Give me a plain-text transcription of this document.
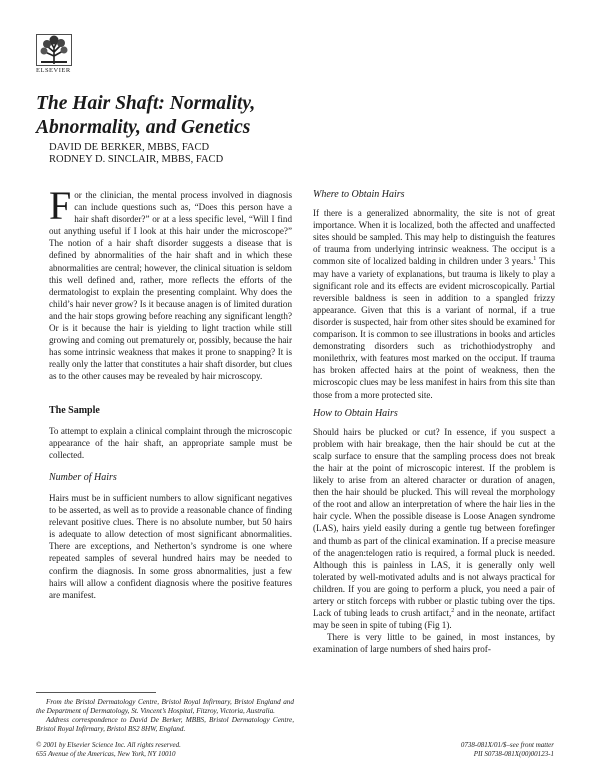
ELSEVIER
The Hair Shaft: Normality, Abnormality, and Genetics
DAVID DE BERKER, MBBS, FACD
RODNEY D. SINCLAIR, MBBS, FACD

For the clinician, the mental process involved in diagnosis can include questions such as, “Does this person have a hair shaft disorder?” or at a less specific level, “Will I find out anything useful if I look at this hair under the microscope?” The notion of a hair shaft disorder suggests a disease that is defined by abnormalities of the hair shaft and in which these abnormalities are central; however, the clinical situation is seldom this well defined and, rather, more reflects the efforts of the dermatologist to explain the presenting complaint. Why does the child’s hair never grow? Is it because anagen is of limited duration and the hair stops growing before reaching any significant length? Or is it because the hair is yielding to light traction while still growing and coming out prematurely or, possibly, because the hair has some intrinsic weakness that makes it prone to snapping? It is really only the latter that constitutes a hair shaft disorder, but clues as to the other causes may be revealed by hair microscopy.

The Sample

To attempt to explain a clinical complaint through the microscopic appearance of the hair shaft, an appropriate sample must be collected.

Number of Hairs

Hairs must be in sufficient numbers to allow significant negatives to be asserted, as well as to provide a reasonable chance of finding relevant positive clues. There is no absolute number, but 50 hairs is adequate to allow detection of most significant abnormalities. There are exceptions, and Netherton’s syndrome is one where repeated samples of several hundred hairs may be needed to confirm the diagnosis. In some gross abnormalities, just a few hairs will allow a confident diagnosis where the positive features are manifest.

Where to Obtain Hairs

If there is a generalized abnormality, the site is not of great importance. When it is localized, both the affected and unaffected sites should be sampled. This may help to distinguish the features of trauma from underlying intrinsic weakness. The occiput is a common site of localized balding in children under 3 years.$^1$ This may have a variety of explanations, but trauma is likely to play a significant role and its effects are evident microscopically. Partial reversible baldness is seen in addition to a spangled frizzy appearance. Given that this is a variant of normal, if a true disorder is suspected, hair from other sites should be examined for comparison. It is common to see illustrations in books and articles demonstrating disorders such as trichothiodystrophy and monilethrix, with features most marked on the occiput. If trauma has broken affected hairs at the point of weakness, then the microscopic clues may be less manifest in hairs from this site than those from a more protected site.

How to Obtain Hairs

Should hairs be plucked or cut? In essence, if you suspect a problem with hair breakage, then the hair should be cut at the scalp surface to ensure that the sampling process does not break the hair at the point of microscopic interest. If the problem is likely to arise from an altered character or duration of anagen, then the hair should be plucked. This will reveal the morphology of the root and allow an interpretation of where the hair lies in the hair cycle. When the possible disease is Loose Anagen syndrome (LAS), hairs yield easily during a gentle tug between forefinger and thumb as part of the clinical examination. If a precise measure of the anagen:telogen ratio is required, a formal pluck is needed. Although this is painless in LAS, it is generally only well tolerated by well-motivated adults and is not always practical for children. If you are going to perform a pluck, you need a pair of artery or stitch forceps with rubber or plastic tubing over the tips. Lack of tubing leads to crush artifact,$^2$ and in the neonate, artifact may be seen in spite of tubing (Fig 1).

There is very little to be gained, in most instances, by examination of large numbers of shed hairs prof-

From the Bristol Dermatology Centre, Bristol Royal Infirmary, Bristol England and the Department of Dermatology, St. Vincent’s Hospital, Fitzroy, Victoria, Australia.

Address correspondence to David De Berker, MBBS, Bristol Dermatology Centre, Bristol Royal Infirmary, Bristol BS2 8HW, England.

© 2001 by Elsevier Science Inc. All rights reserved.
655 Avenue of the Americas, New York, NY 10010
0738-081X/01/$–see front matter
PII S0738-081X(00)00123-1
